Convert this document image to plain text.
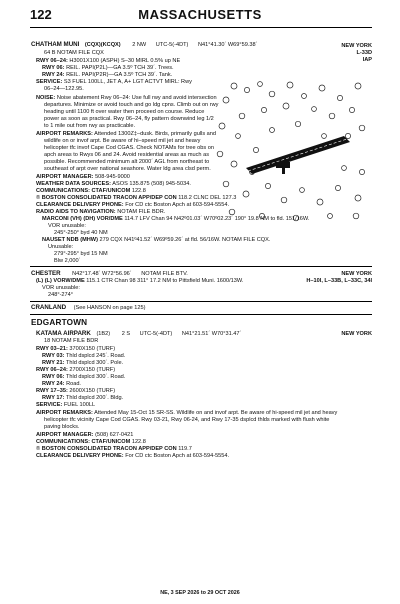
122	MASSACHUSETTS
CHATHAM MUNI (CQX)(KCQX) 2 NW UTC-5(-4DT) N41°41.30´ W69°59.38´	NEW YORK
64 B NOTAM FILE CQX	L-33D
IAP
RWY 06–24: H3001X100 (ASPH) S–30 MIRL 0.5% up NE
RWY 06: REIL. PAPI(P2L)—GA 3.5º TCH 39´. Trees.
RWY 24: REIL. PAPI(P2R)—GA 3.5º TCH 39´. Tank.
SERVICE: S3 FUEL 100LL, JET A, A+ LGT ACTVT MIRL: Rwy
06–24—122.95.
NOISE: Noise abatement Rwy 06–24: Use full rwy and avoid intersection
departures. Minimize or avoid touch and go ldg cpns. Climb out on rwy
heading until 1100 ft over water then proceed on course. Reduce
power as soon as practical. Rwy 06–24, fly pattern downwind leg 1/2
to 1 mile out from rwy as practicable.
AIRPORT REMARKS: Attended 1300Z‡–dusk. Birds, primarily gulls and
wildlife on or invof arpt. Be aware of hi–speed mil jet and heavy
helicopter tfc invof Cape Cod CGAS. Check NOTAMs for tree obs on
apch areas to Rwys 06 and 24. Avoid residential areas as much as
possible. Recommended minimum alt 2000´ AGL from northeast to
southeast of arpt over national seashore. Water ldg area clsd perm.
AIRPORT MANAGER: 508-945-9000
WEATHER DATA SOURCES: ASOS 135.875 (508) 945-5034.
COMMUNICATIONS: CTAF/UNICOM 122.8
® BOSTON CONSOLIDATED TRACON APP/DEP CON 118.2 CLNC DEL 127.3
CLEARANCE DELIVERY PHONE: For CD ctc Boston Apch at 603-594-5554.
RADIO AIDS TO NAVIGATION: NOTAM FILE BDR.
MARCONI (VH) (DH) VOR/DME 114.7 LFV Chan 94 N42º01.03´ W70º02.23´ 190° 19.8 NM to fld. 151/16W.
VOR unusable:
245°-250° byd 40 NM
NAUSET NDB (MHW) 279 CQX N41º41.52´ W69º59.26´ at fld. 56/16W. NOTAM FILE CQX.
Unusable:
279°-295° byd 15 NM
Blw 2,000´
CHESTER N42°17.48´ W72°56.96´ NOTAM FILE BTV.	NEW YORK
(L) (L) VORW/DME 115.1 CTR Chan 98 311° 17.2 NM to Pittsfield Muni. 1600/13W.	H–10I, L–33B, L–33C, 34I
VOR unusable:
248°-274°
CRANLAND (See HANSON on page 125)
EDGARTOWN
KATAMA AIRPARK (1B2) 2 S UTC-5(-4DT) N41°21.51´ W70°31.47´	NEW YORK
18 NOTAM FILE BDR
RWY 03–21: 3700X150 (TURF)
RWY 03: Thld dsplcd 245´. Road.
RWY 21: Thld dsplcd 300´. Pole.
RWY 06–24: 2700X150 (TURF)
RWY 06: Thld dsplcd 300´. Road.
RWY 24: Road.
RWY 17–35: 2600X150 (TURF)
RWY 17: Thld dsplcd 200´. Bldg.
SERVICE: FUEL 100LL
AIRPORT REMARKS: Attended May 15-Oct 15 SR-SS. Wildlife on and invof arpt. Be aware of hi-speed mil jet and heavy
helicopter tfc vicinity Cape Cod CGAS. Rwy 03-21, Rwy 06-24, and Rwy 17-35 dsplcd thlds marked with flush white
paving blocks.
AIRPORT MANAGER: (508) 627-0421
COMMUNICATIONS: CTAF/UNICOM 122.8
® BOSTON CONSOLIDATED TRACON APP/DEP CON 119.7
CLEARANCE DELIVERY PHONE: For CD ctc Boston Apch at 603-594-5554.
NE, 3 SEP 2026 to 29 OCT 2026
